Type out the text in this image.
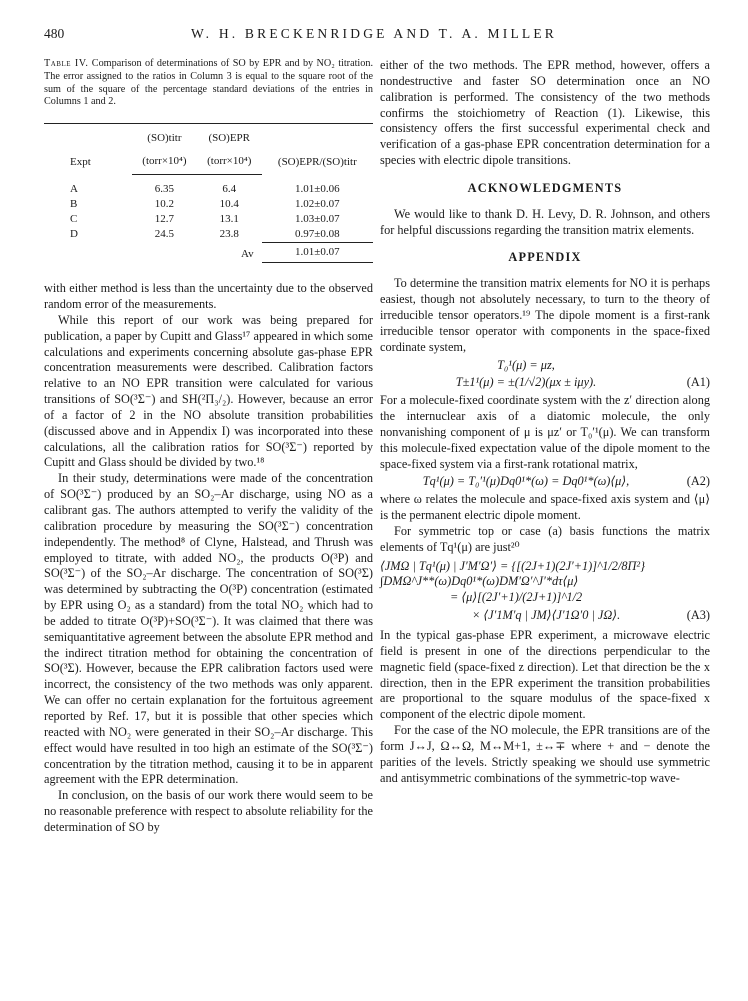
480	W. H. BRECKENRIDGE AND T. A. MILLER
Table IV. Comparison of determinations of SO by EPR and by NO₂ titration. The error assigned to the ratios in Column 3 is equal to the square root of the sum of the square of the percentage standard deviations of the entries in Columns 1 and 2.
Expt	(SO)titr	(SO)EPR	(SO)EPR/(SO)titr
	(torr×10⁴)	(torr×10⁴)	
A	6.35	6.4	1.01±0.06
B	10.2	10.4	1.02±0.07
C	12.7	13.1	1.03±0.07
D	24.5	23.8	0.97±0.08
		Av	1.01±0.07

with either method is less than the uncertainty due to the observed random error of the measurements.

While this report of our work was being prepared for publication, a paper by Cupitt and Glass¹⁷ appeared in which some calculations and experiments concerning absolute gas-phase EPR concentration measurements were described. Calibration factors relative to an NO EPR transition were calculated for various transitions of SO(³Σ⁻) and SH(²Π₃/₂). However, because an error of a factor of 2 in the NO absolute transition probabilities (discussed above and in Appendix I) was incorporated into these calculations, all the calibration ratios for SO(³Σ⁻) reported by Cupitt and Glass should be divided by two.¹⁸

In their study, determinations were made of the concentration of SO(³Σ⁻) produced by an SO₂–Ar discharge, using NO as a calibrant gas. The authors attempted to verify the validity of the calibration procedure by measuring the SO(³Σ⁻) concentration independently. The method⁸ of Clyne, Halstead, and Thrush was employed to titrate, with added NO₂, the products O(³P) and SO(³Σ⁻) of the SO₂–Ar discharge. The concentration of SO(³Σ) was determined by subtracting the O(³P) concentration (estimated by EPR using O₂ as a standard) from the total NO₂ which had to be added to titrate O(³P)+SO(³Σ⁻). It was claimed that there was semiquantitative agreement between the absolute EPR method and the indirect titration method for obtaining the concentration of SO(³Σ). However, because the EPR calibration factors used were incorrect, the consistency of the two methods was only apparent. We can offer no certain explanation for the fortuitous agreement reported by Ref. 17, but it is possible that other species which reacted with NO₂ were generated in their SO₂–Ar discharge. This effect would have resulted in too high an estimate of the SO(³Σ⁻) concentration by the titration method, causing it to be in apparent agreement with the EPR determination.

In conclusion, on the basis of our work there would seem to be no reasonable preference with respect to absolute reliability for the determination of SO by

either of the two methods. The EPR method, however, offers a nondestructive and faster SO determination once an NO calibration is performed. The consistency of the two methods confirms the stoichiometry of Reaction (1). Likewise, this consistency offers the first successful experimental check and verification of a gas-phase EPR concentration determination for a species with electric dipole transitions.

ACKNOWLEDGMENTS

We would like to thank D. H. Levy, D. R. Johnson, and others for helpful discussions regarding the transition matrix elements.

APPENDIX

To determine the transition matrix elements for NO it is perhaps easiest, though not absolutely necessary, to turn to the theory of irreducible tensor operators.¹⁹ The dipole moment is a first-rank irreducible tensor operator with components in the space-fixed cordinate system,

T₀¹(μ) = μz,
T±1¹(μ) = ±(1/√2)(μx ± iμy).	(A1)

For a molecule-fixed coordinate system with the z′ direction along the internuclear axis of a diatomic molecule, the only nonvanishing component of μ is μz′ or T₀′¹(μ). We can transform this molecule-fixed expectation value of the dipole moment to the space-fixed system via a first-rank rotational matrix,

Tq¹(μ) = T₀′¹(μ)Dq0¹*(ω) = Dq0¹*(ω)⟨μ⟩,	(A2)

where ω relates the molecule and space-fixed axis system and ⟨μ⟩ is the permanent electric dipole moment.

For symmetric top or case (a) basis functions the matrix elements of Tq¹(μ) are just²⁰

⟨JMΩ | Tq¹(μ) | J′M′Ω′⟩ = {[(2J+1)(2J′+1)]^1/2/8Π²}
∫DMΩ^J**(ω)Dq0¹*(ω)DM′Ω′^J′*dτ⟨μ⟩
= ⟨μ⟩[(2J′+1)/(2J+1)]^1/2
× ⟨J′1M′q | JM⟩⟨J′1Ω′0 | JΩ⟩.	(A3)

In the typical gas-phase EPR experiment, a microwave electric field is present in one of the directions perpendicular to the magnetic field (space-fixed z direction). Let that direction be the x direction, then in the EPR experiment the transition probabilities are proportional to the square modulus of the space-fixed x component of the electric dipole moment.

For the case of the NO molecule, the EPR transitions are of the form J↔J, Ω↔Ω, M↔M+1, ±↔∓ where + and − denote the parities of the levels. Strictly speaking we should use symmetric and antisymmetric combinations of the symmetric-top wave-
